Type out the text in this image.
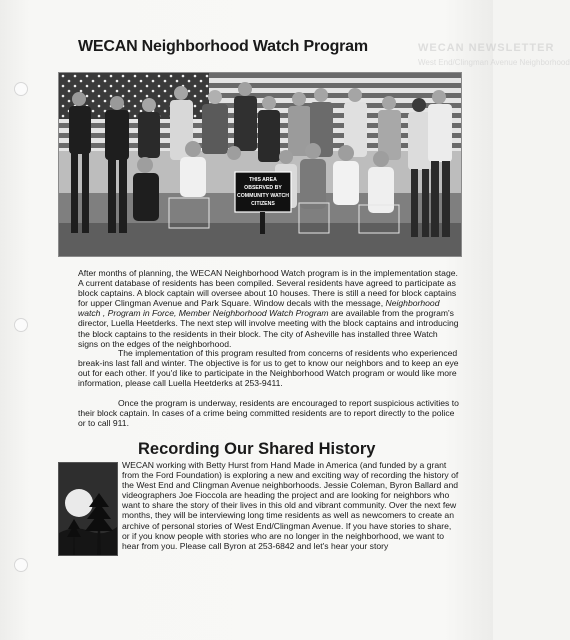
WECAN NEWSLETTER
West End/Clingman Avenue Neighborhood
WECAN Neighborhood Watch Program
THIS AREA
OBSERVED BY
COMMUNITY WATCH
CITIZENS

After months of planning, the WECAN Neighborhood Watch program is in the implementation stage. A current database of residents has been compiled. Several residents have agreed to participate as block captains. A block captain will oversee about 10 houses. There is still a need for block captains for upper Clingman Avenue and Park Square. Window decals with the message, Neighborhood watch , Program in Force, Member Neighborhood Watch Program are available from the program's director, Luella Heetderks. The next step will involve meeting with the block captains and introducing the block captains to the residents in their block. The city of Asheville has installed three Watch signs on the edges of the neighborhood.

The implementation of this program resulted from concerns of residents who experienced break-ins last fall and winter. The objective is for us to get to know our neighbors and to keep an eye out for each other. If you'd like to participate in the Neighborhood Watch program or would like more information, please call Luella Heetderks at 253-9411.

Once the program is underway, residents are encouraged to report suspicious activities to their block captain. In cases of a crime being committed residents are to report directly to the police or to call 911.

Recording Our Shared History

WECAN working with Betty Hurst from Hand Made in America (and funded by a grant from the Ford Foundation) is exploring a new and exciting way of recording the history of the West End and Clingman Avenue neighborhoods. Jessie Coleman, Byron Ballard and videographers Joe Fioccola are heading the project and are looking for neighbors who want to share the story of their lives in this old and vibrant community. Over the next few months, they will be interviewing long time residents as well as newcomers to create an archive of personal stories of West End/Clingman Avenue. If you have stories to share, or if you know people with stories who are no longer in the neighborhood, we want to hear from you. Please call Byron at 253-6842 and let's hear your story
